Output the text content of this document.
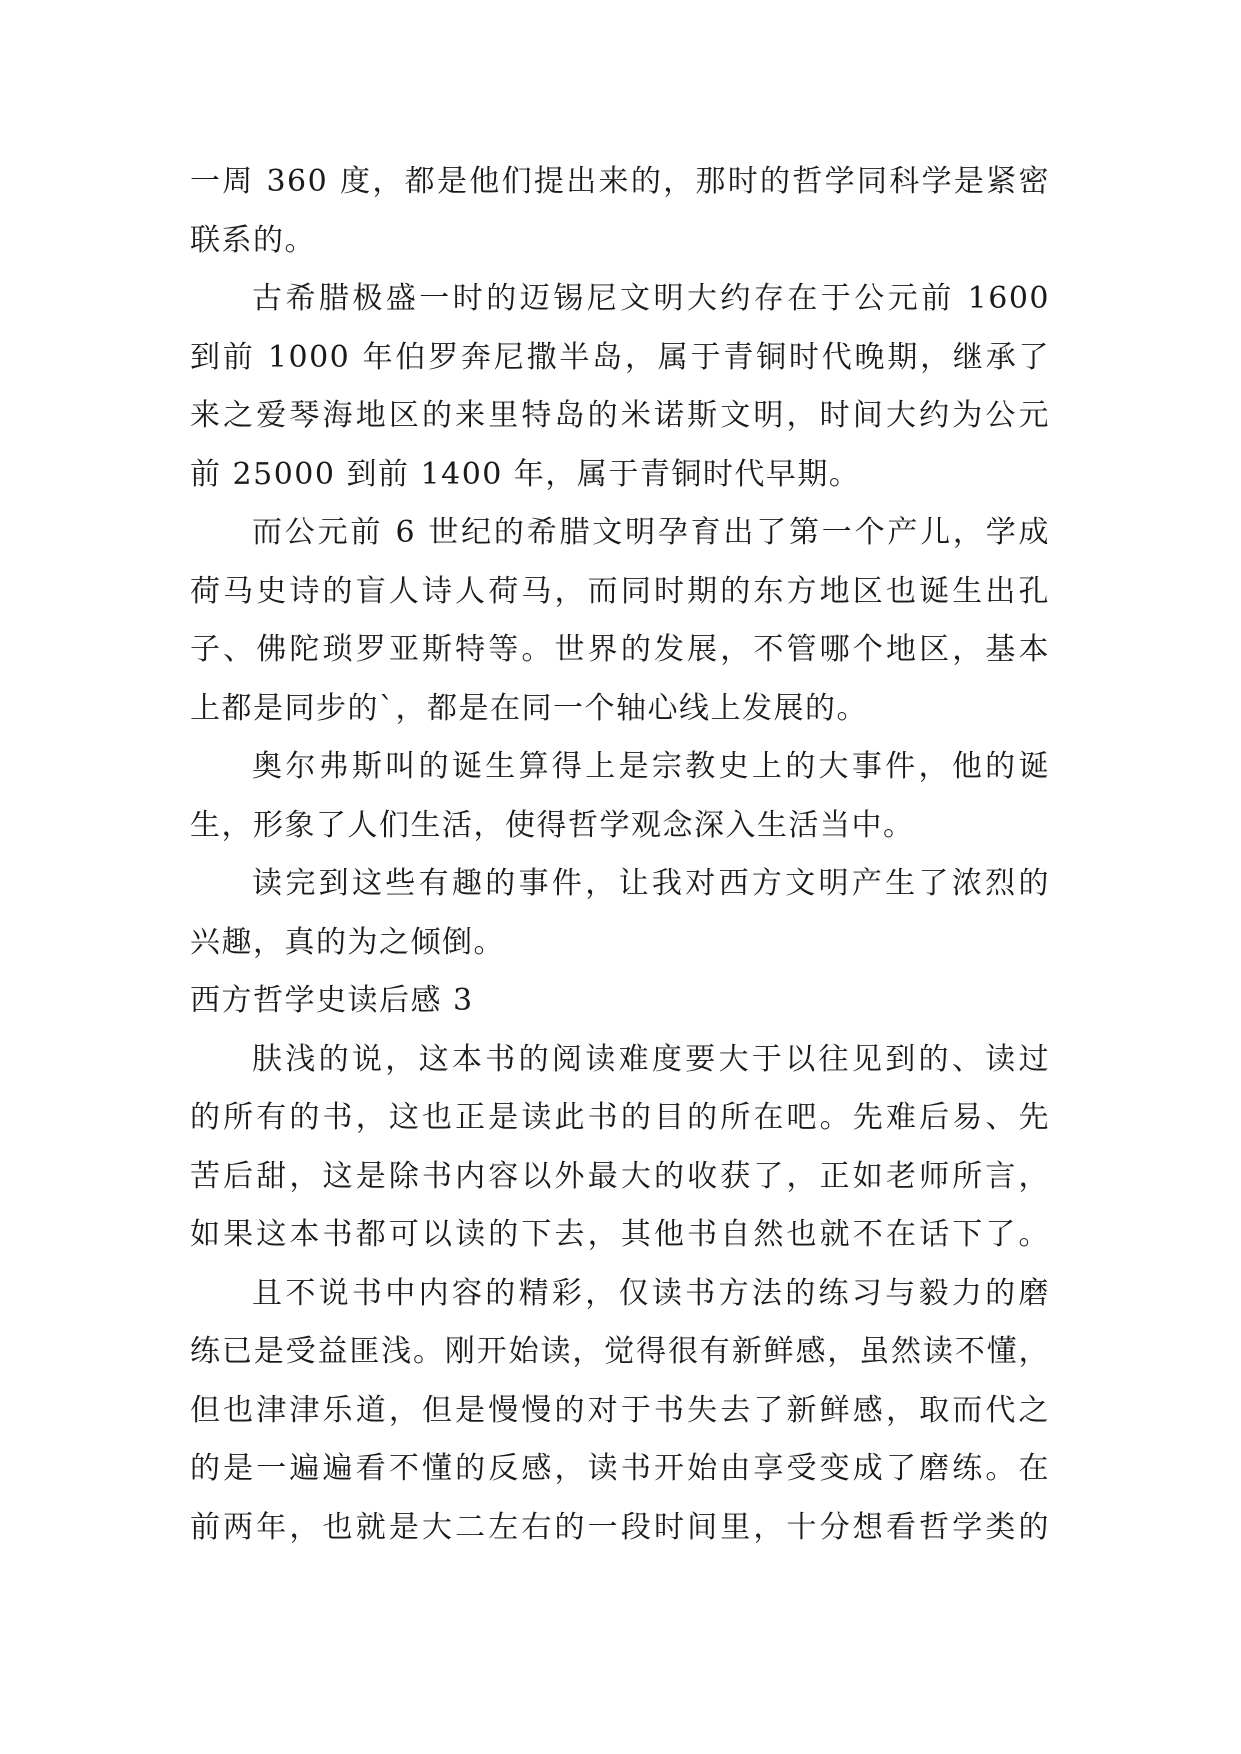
一周 360 度，都是他们提出来的，那时的哲学同科学是紧密
联系的。
古希腊极盛一时的迈锡尼文明大约存在于公元前 1600
到前 1000 年伯罗奔尼撒半岛，属于青铜时代晚期，继承了
来之爱琴海地区的来里特岛的米诺斯文明，时间大约为公元
前 25000 到前 1400 年，属于青铜时代早期。
而公元前 6 世纪的希腊文明孕育出了第一个产儿，学成
荷马史诗的盲人诗人荷马，而同时期的东方地区也诞生出孔
子、佛陀琐罗亚斯特等。世界的发展，不管哪个地区，基本
上都是同步的`，都是在同一个轴心线上发展的。
奥尔弗斯叫的诞生算得上是宗教史上的大事件，他的诞
生，形象了人们生活，使得哲学观念深入生活当中。
读完到这些有趣的事件，让我对西方文明产生了浓烈的
兴趣，真的为之倾倒。
西方哲学史读后感 3
肤浅的说，这本书的阅读难度要大于以往见到的、读过
的所有的书，这也正是读此书的目的所在吧。先难后易、先
苦后甜，这是除书内容以外最大的收获了，正如老师所言，
如果这本书都可以读的下去，其他书自然也就不在话下了。
且不说书中内容的精彩，仅读书方法的练习与毅力的磨
练已是受益匪浅。刚开始读，觉得很有新鲜感，虽然读不懂，
但也津津乐道，但是慢慢的对于书失去了新鲜感，取而代之
的是一遍遍看不懂的反感，读书开始由享受变成了磨练。在
前两年，也就是大二左右的一段时间里，十分想看哲学类的
